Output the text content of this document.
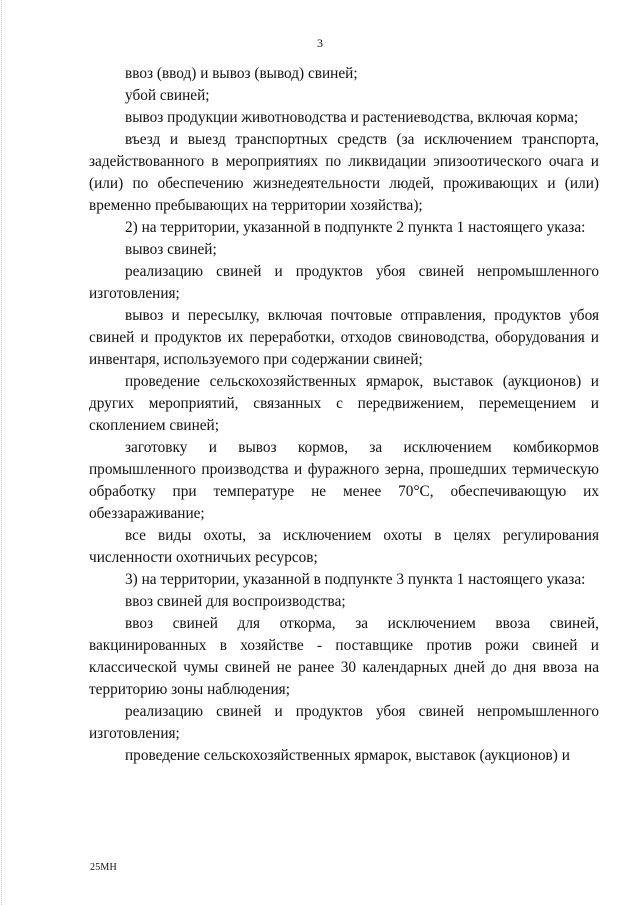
3

ввоз (ввод) и вывоз (вывод) свиней;

убой свиней;

вывоз продукции животноводства и растениеводства, включая корма;

въезд и выезд транспортных средств (за исключением транспорта, задействованного в мероприятиях по ликвидации эпизоотического очага и (или) по обеспечению жизнедеятельности людей, проживающих и (или) временно пребывающих на территории хозяйства);

2) на территории, указанной в подпункте 2 пункта 1 настоящего указа:

вывоз свиней;

реализацию свиней и продуктов убоя свиней непромышленного изготовления;

вывоз и пересылку, включая почтовые отправления, продуктов убоя свиней и продуктов их переработки, отходов свиноводства, оборудования и инвентаря, используемого при содержании свиней;

проведение сельскохозяйственных ярмарок, выставок (аукционов) и других мероприятий, связанных с передвижением, перемещением и скоплением свиней;

заготовку и вывоз кормов, за исключением комбикормов промышленного производства и фуражного зерна, прошедших термическую обработку при температуре не менее 70°С, обеспечивающую их обеззараживание;

все виды охоты, за исключением охоты в целях регулирования численности охотничьих ресурсов;

3) на территории, указанной в подпункте 3 пункта 1 настоящего указа:

ввоз свиней для воспроизводства;

ввоз свиней для откорма, за исключением ввоза свиней, вакцинированных в хозяйстве - поставщике против рожи свиней и классической чумы свиней не ранее 30 календарных дней до дня ввоза на территорию зоны наблюдения;

реализацию свиней и продуктов убоя свиней непромышленного изготовления;

проведение сельскохозяйственных ярмарок, выставок (аукционов) и

25МН
